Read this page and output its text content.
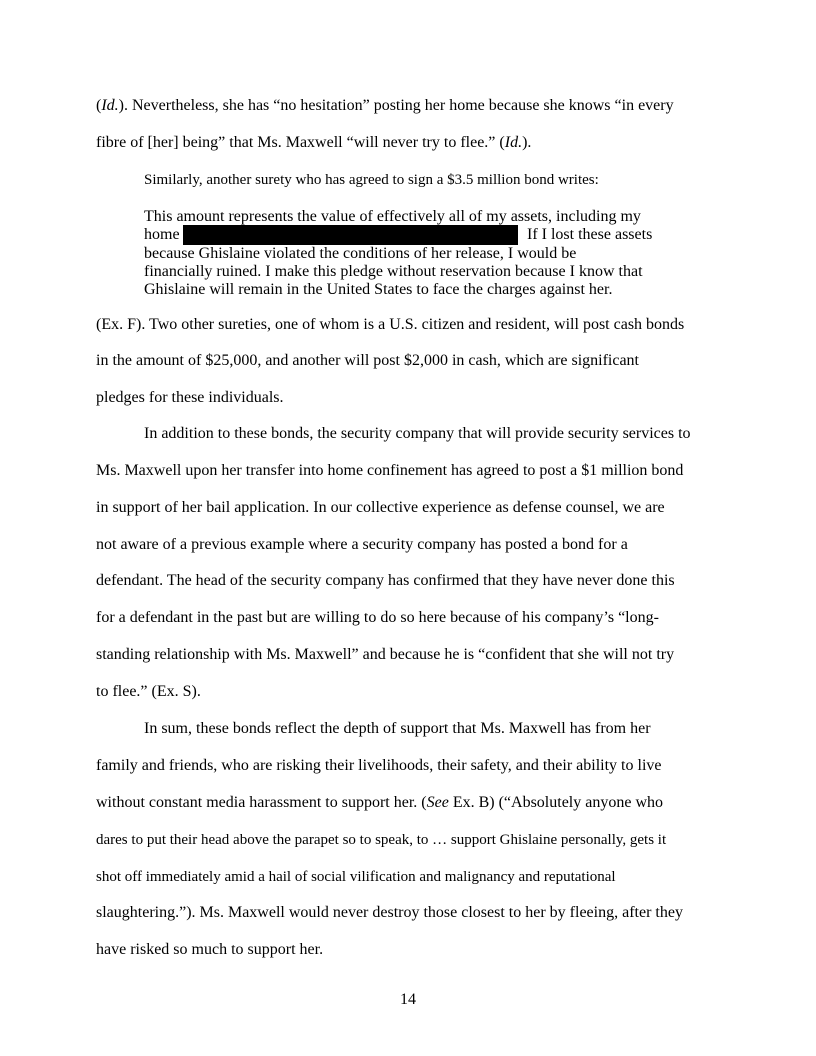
(Id.). Nevertheless, she has “no hesitation” posting her home because she knows “in every
fibre of [her] being” that Ms. Maxwell “will never try to flee.” (Id.).
Similarly, another surety who has agreed to sign a $3.5 million bond writes:
This amount represents the value of effectively all of my assets, including my
home	If I lost these assets
because Ghislaine violated the conditions of her release, I would be
financially ruined. I make this pledge without reservation because I know that
Ghislaine will remain in the United States to face the charges against her.
(Ex. F). Two other sureties, one of whom is a U.S. citizen and resident, will post cash bonds
in the amount of $25,000, and another will post $2,000 in cash, which are significant
pledges for these individuals.
In addition to these bonds, the security company that will provide security services to
Ms. Maxwell upon her transfer into home confinement has agreed to post a $1 million bond
in support of her bail application. In our collective experience as defense counsel, we are
not aware of a previous example where a security company has posted a bond for a
defendant. The head of the security company has confirmed that they have never done this
for a defendant in the past but are willing to do so here because of his company’s “long-
standing relationship with Ms. Maxwell” and because he is “confident that she will not try
to flee.” (Ex. S).
In sum, these bonds reflect the depth of support that Ms. Maxwell has from her
family and friends, who are risking their livelihoods, their safety, and their ability to live
without constant media harassment to support her. (See Ex. B) (“Absolutely anyone who
dares to put their head above the parapet so to speak, to … support Ghislaine personally, gets it
shot off immediately amid a hail of social vilification and malignancy and reputational
slaughtering.”). Ms. Maxwell would never destroy those closest to her by fleeing, after they
have risked so much to support her.
14
